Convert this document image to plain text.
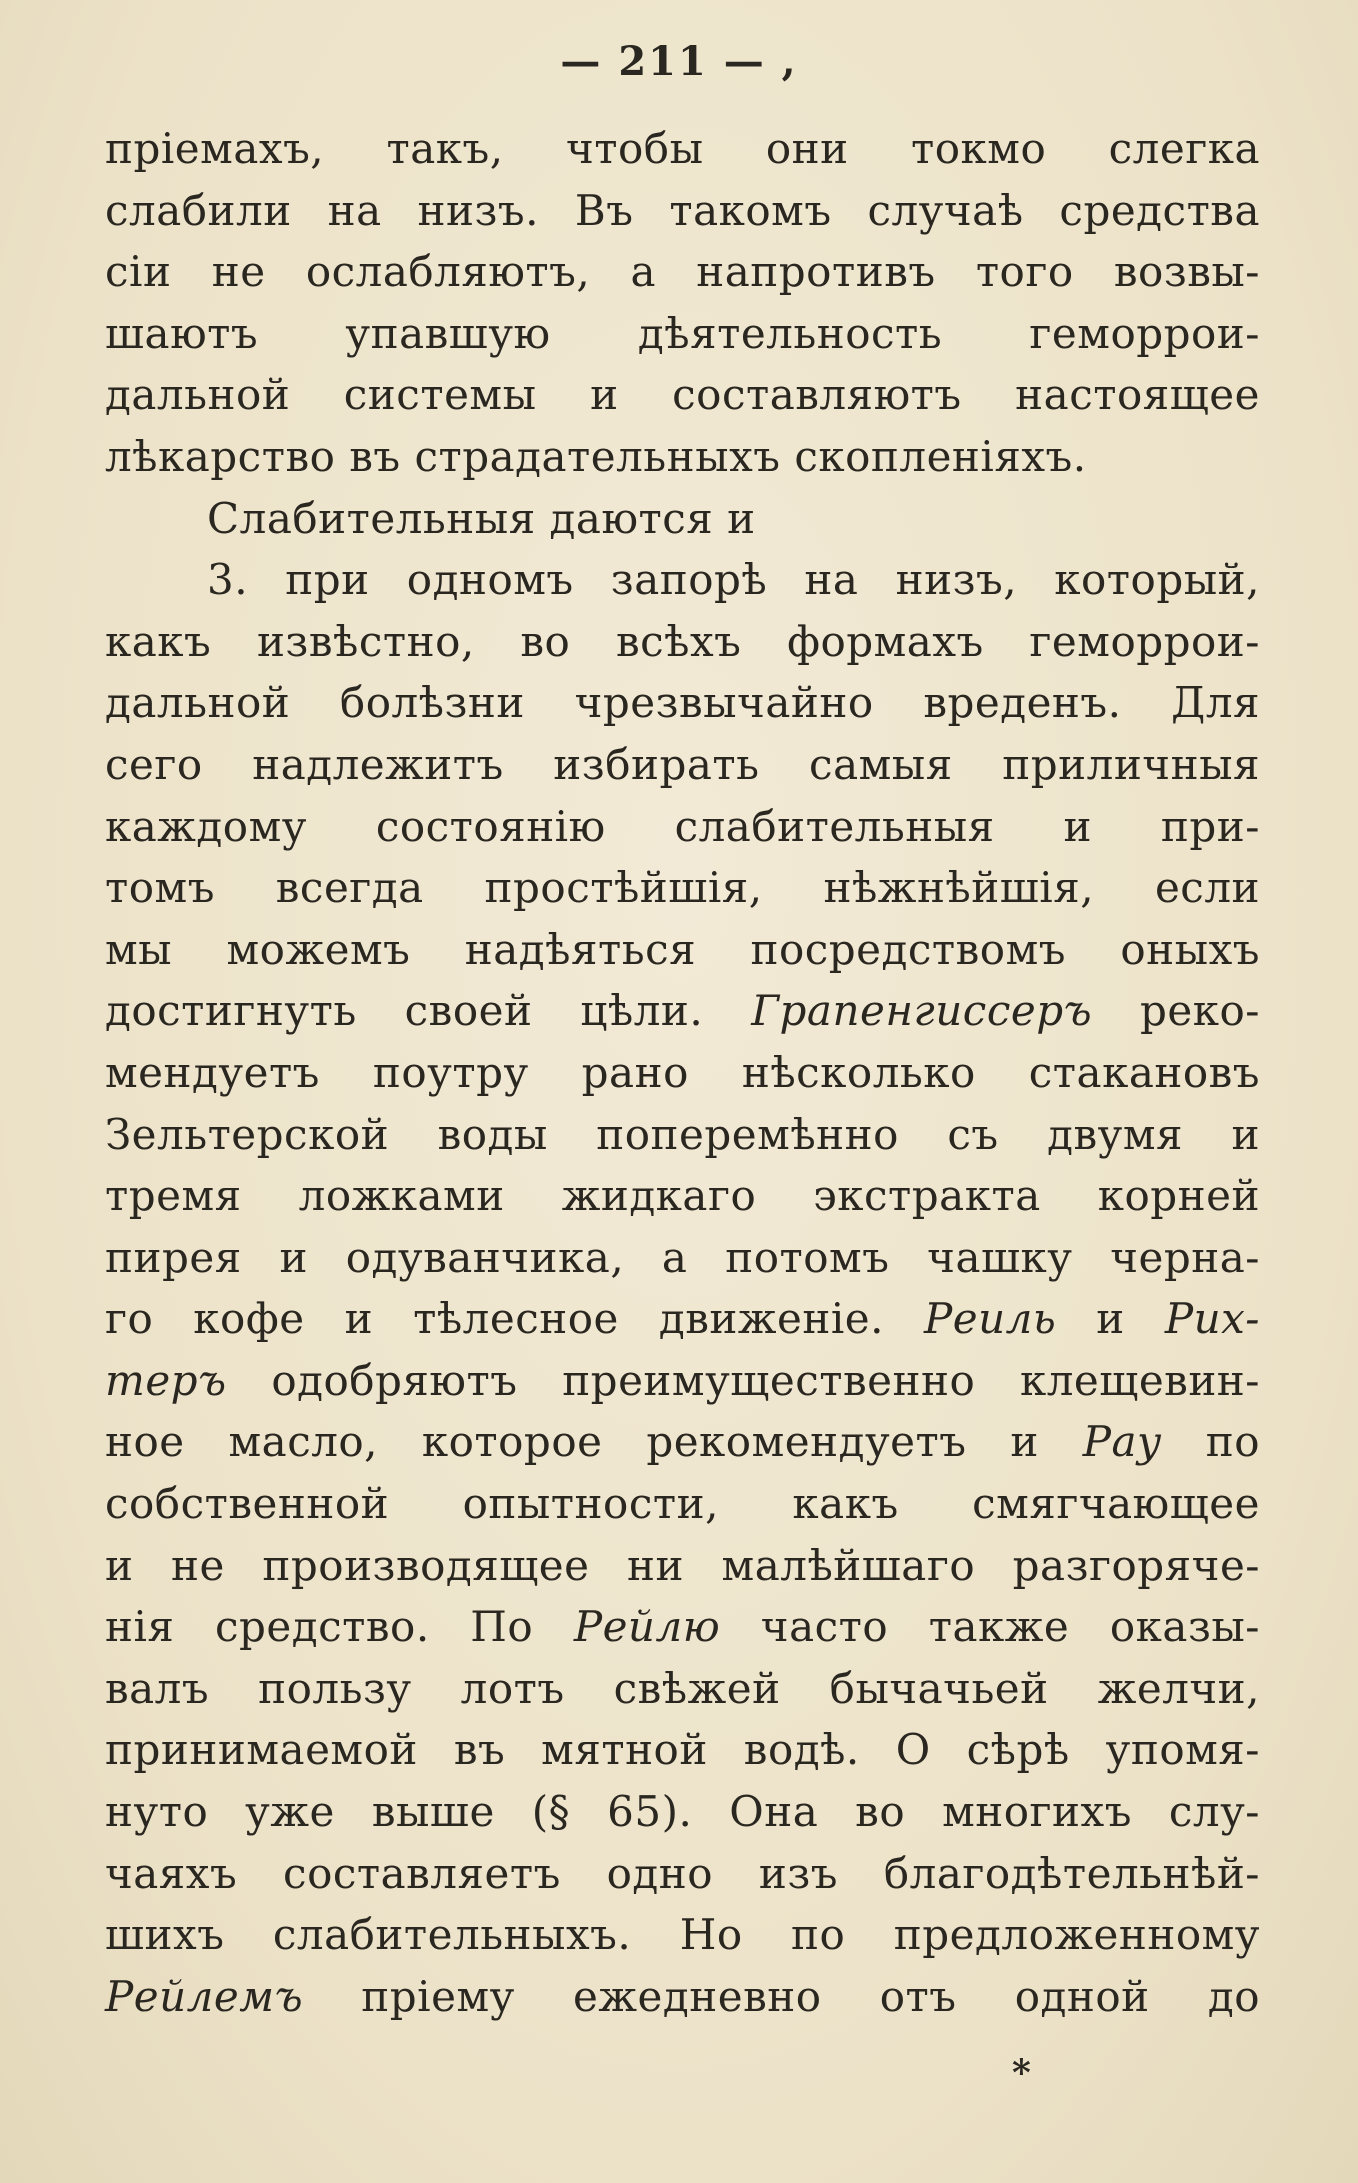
— 211 — ,
пріемахъ, такъ, чтобы они токмо слегка
слабили на низъ. Въ такомъ случаѣ средства
сіи не ослабляютъ, а напротивъ того возвы-
шаютъ упавшую дѣятельность геморрои-
дальной системы и составляютъ настоящее
лѣкарство въ страдательныхъ скопленіяхъ.
Слабительныя даются и
3. при одномъ запорѣ на низъ, который,
какъ извѣстно, во всѣхъ формахъ геморрои-
дальной болѣзни чрезвычайно вреденъ. Для
сего надлежитъ избирать самыя приличныя
каждому состоянію слабительныя и при-
томъ всегда простѣйшія, нѣжнѣйшія, если
мы можемъ надѣяться посредствомъ оныхъ
достигнуть своей цѣли. Грапенгиссеръ реко-
мендуетъ поутру рано нѣсколько стакановъ
Зельтерской воды поперемѣнно съ двумя и
тремя ложками жидкаго экстракта корней
пирея и одуванчика, а потомъ чашку черна-
го кофе и тѣлесное движеніе. Реиль и Рих-
теръ одобряютъ преимущественно клещевин-
ное масло, которое рекомендуетъ и Рау по
собственной опытности, какъ смягчающее
и не производящее ни малѣйшаго разгоряче-
нія средство. По Рейлю часто также оказы-
валъ пользу лотъ свѣжей бычачьей желчи,
принимаемой въ мятной водѣ. О сѣрѣ упомя-
нуто уже выше (§ 65). Она во многихъ слу-
чаяхъ составляетъ одно изъ благодѣтельнѣй-
шихъ слабительныхъ. Но по предложенному
Рейлемъ пріему ежедневно отъ одной до
*
